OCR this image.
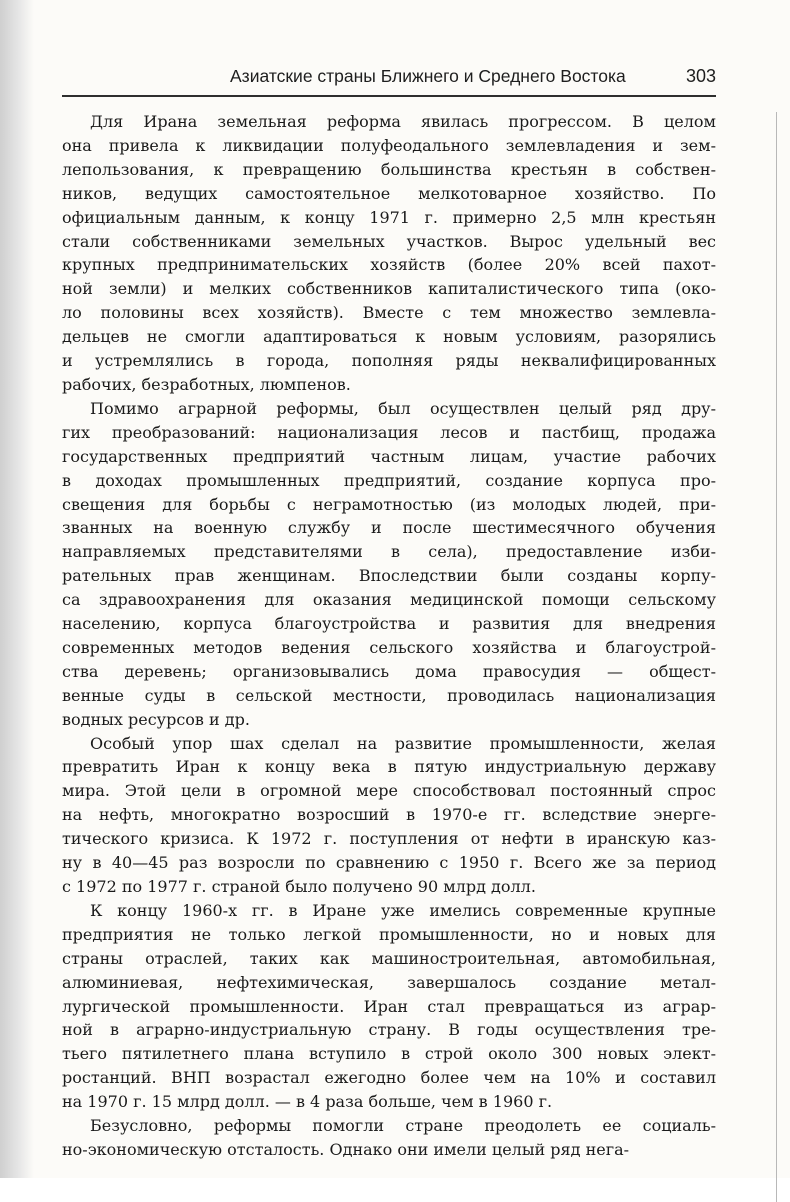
Азиатские страны Ближнего и Среднего Востока	303
Для Ирана земельная реформа явилась прогрессом. В целом
она привела к ликвидации полуфеодального землевладения и зем-
лепользования, к превращению большинства крестьян в собствен-
ников, ведущих самостоятельное мелкотоварное хозяйство. По
официальным данным, к концу 1971 г. примерно 2,5 млн крестьян
стали собственниками земельных участков. Вырос удельный вес
крупных предпринимательских хозяйств (более 20% всей пахот-
ной земли) и мелких собственников капиталистического типа (око-
ло половины всех хозяйств). Вместе с тем множество землевла-
дельцев не смогли адаптироваться к новым условиям, разорялись
и устремлялись в города, пополняя ряды неквалифицированных
рабочих, безработных, люмпенов.
Помимо аграрной реформы, был осуществлен целый ряд дру-
гих преобразований: национализация лесов и пастбищ, продажа
государственных предприятий частным лицам, участие рабочих
в доходах промышленных предприятий, создание корпуса про-
свещения для борьбы с неграмотностью (из молодых людей, при-
званных на военную службу и после шестимесячного обучения
направляемых представителями в села), предоставление изби-
рательных прав женщинам. Впоследствии были созданы корпу-
са здравоохранения для оказания медицинской помощи сельскому
населению, корпуса благоустройства и развития для внедрения
современных методов ведения сельского хозяйства и благоустрой-
ства деревень; организовывались дома правосудия — общест-
венные суды в сельской местности, проводилась национализация
водных ресурсов и др.
Особый упор шах сделал на развитие промышленности, желая
превратить Иран к концу века в пятую индустриальную державу
мира. Этой цели в огромной мере способствовал постоянный спрос
на нефть, многократно возросший в 1970-е гг. вследствие энерге-
тического кризиса. К 1972 г. поступления от нефти в иранскую каз-
ну в 40—45 раз возросли по сравнению с 1950 г. Всего же за период
с 1972 по 1977 г. страной было получено 90 млрд долл.
К концу 1960-х гг. в Иране уже имелись современные крупные
предприятия не только легкой промышленности, но и новых для
страны отраслей, таких как машиностроительная, автомобильная,
алюминиевая, нефтехимическая, завершалось создание метал-
лургической промышленности. Иран стал превращаться из аграр-
ной в аграрно-индустриальную страну. В годы осуществления тре-
тьего пятилетнего плана вступило в строй около 300 новых элект-
ростанций. ВНП возрастал ежегодно более чем на 10% и составил
на 1970 г. 15 млрд долл. — в 4 раза больше, чем в 1960 г.
Безусловно, реформы помогли стране преодолеть ее социаль-
но-экономическую отсталость. Однако они имели целый ряд нега-
